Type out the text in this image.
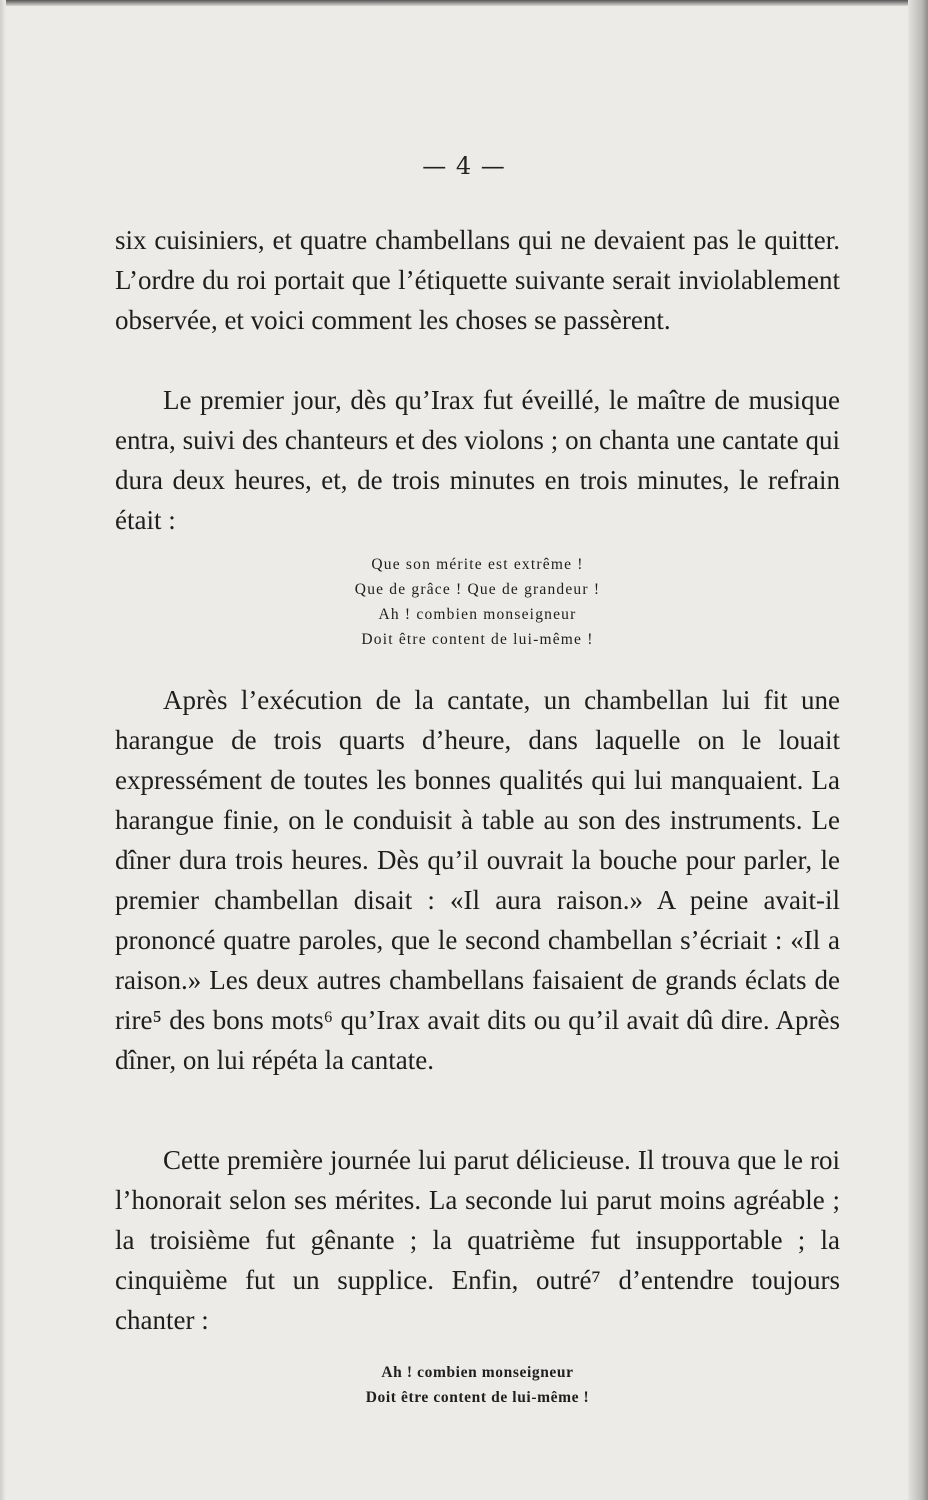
— 4 —

six cuisiniers, et quatre chambellans qui ne devaient pas le quitter. L’ordre du roi portait que l’étiquette suivante serait inviolablement observée, et voici comment les choses se passèrent.

Le premier jour, dès qu’Irax fut éveillé, le maître de musique entra, suivi des chanteurs et des violons ; on chanta une cantate qui dura deux heures, et, de trois minutes en trois minutes, le refrain était :

Que son mérite est extrême !
Que de grâce ! Que de grandeur !
Ah ! combien monseigneur
Doit être content de lui-même !

Après l’exécution de la cantate, un chambellan lui fit une harangue de trois quarts d’heure, dans laquelle on le louait expressément de toutes les bonnes qualités qui lui manquaient. La harangue finie, on le conduisit à table au son des instruments. Le dîner dura trois heures. Dès qu’il ouvrait la bouche pour parler, le premier chambellan disait : «Il aura raison.» A peine avait-il prononcé quatre paroles, que le second chambellan s’écriait : «Il a raison.» Les deux autres chambellans faisaient de grands éclats de rire⁵ des bons mots⁶ qu’Irax avait dits ou qu’il avait dû dire. Après dîner, on lui répéta la cantate.

Cette première journée lui parut délicieuse. Il trouva que le roi l’honorait selon ses mérites. La seconde lui parut moins agréable ; la troisième fut gênante ; la quatrième fut insupportable ; la cinquième fut un supplice. Enfin, outré⁷ d’entendre toujours chanter :

Ah ! combien monseigneur
Doit être content de lui-même !
